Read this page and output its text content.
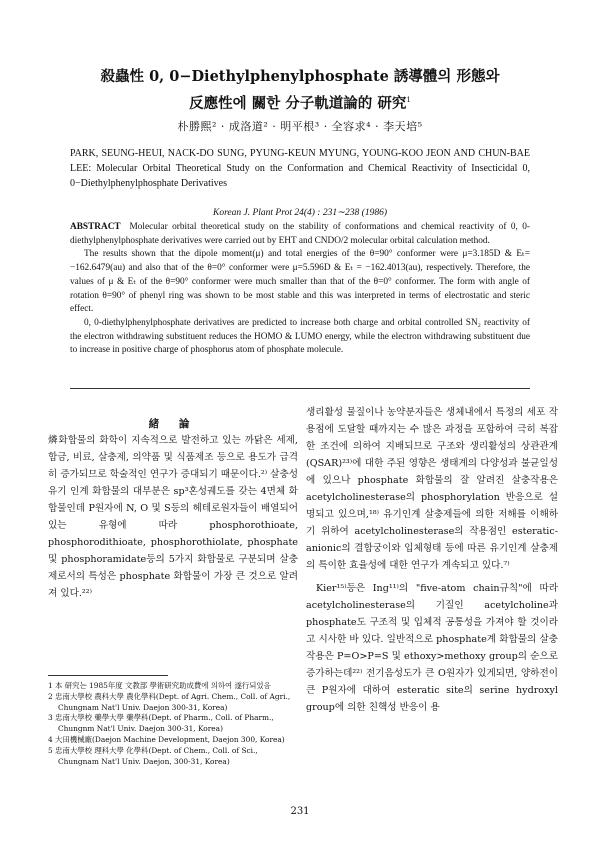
殺蟲性 0, 0−Diethylphenylphosphate 誘導體의 形態와
反應性에 關한 分子軌道論的 研究$^1$
朴勝熙² · 成洛道² · 明平根³ · 全容求⁴ · 李天培⁵
PARK, SEUNG-HEUI, NACK-DO SUNG, PYUNG-KEUN MYUNG, YOUNG-KOO JEON AND CHUN-BAE LEE: Molecular Orbital Theoretical Study on the Conformation and Chemical Reactivity of Insecticidal 0, 0−Diethylphenylphosphate Derivatives
Korean J. Plant Prot 24(4) : 231∼238 (1986)

ABSTRACT Molecular orbital theoretical study on the stability of conformations and chemical reactivity of 0, 0-diethylphenylphosphate derivatives were carried out by EHT and CNDO/2 molecular orbital calculation method.

The results shown that the dipole moment(μ) and total energies of the θ=90° conformer were μ=3.185D & Eₜ= −162.6479(au) and also that of the θ=0° conformer were μ=5.596D & Eₜ = −162.4013(au), respectively. Therefore, the values of μ & Eₜ of the θ=90° conformer were much smaller than that of the θ=0° conformer. The form with angle of rotation θ=90° of phenyl ring was shown to be most stable and this was interpreted in terms of electrostatic and steric effect.

0, 0-diethylphenylphosphate derivatives are predicted to increase both charge and orbital controlled SN₂ reactivity of the electron withdrawing substituent reduces the HOMO & LUMO energy, while the electron withdrawing substituent due to increase in positive charge of phosphorus atom of phosphate molecule.

緒 論

燐화합물의 화학이 지속적으로 발전하고 있는 까닭은 세제, 합금, 비료, 살충제, 의약품 및 식품제조 등으로 용도가 급격히 증가되므로 학술적인 연구가 증대되기 때문이다.²⁾ 살충성 유기 인계 화합물의 대부분은 sp³혼성궤도를 갖는 4면체 화합물인데 P원자에 N, O 및 S등의 헤테로원자들이 배열되어 있는 유형에 따라 phosphorothioate, phosphorodithioate, phosphorothiolate, phosphate 및 phosphoramidate등의 5가지 화합물로 구분되며 살충제로서의 특성은 phosphate 화합물이 가장 큰 것으로 알려져 있다.²²⁾

1 本 研究는 1985年度 文教部 學術研究助成費에 의하여 遂行되었음
2 忠南大學校 農科大學 農化學科(Dept. of Agri. Chem., Coll. of Agri., Chungnam Nat'l Univ. Daejon 300-31, Korea)
3 忠南大學校 藥學大學 藥學科(Dept. of Pharm., Coll. of Pharm., Chungnm Nat'l Univ. Daejon 300-31, Korea)
4 大田機械廠(Daejon Machine Development, Daejon 300, Korea)
5 忠南大學校 理科大學 化學科(Dept. of Chem., Coll. of Sci., Chungnam Nat'l Univ. Daejon, 300-31, Korea)

생리활성 물질이나 농약분자들은 생체내에서 특정의 세포 작용점에 도달할 때까지는 수 많은 과정을 포함하여 극히 복잡한 조건에 의하여 지배되므로 구조와 생리활성의 상관관계(QSAR)²³⁾에 대한 주된 영향은 생태계의 다양성과 불균일성에 있으나 phosphate 화합물의 잘 알려진 살충작용은 acetylcholinesterase의 phosphorylation 반응으로 설명되고 있으며,¹⁸⁾ 유기인계 살충제들에 의한 저해를 이해하기 위하여 acetylcholinesterase의 작용점인 esteratic-anionic의 결합궁이와 입체형태 등에 따른 유기인계 살충제의 특이한 효율성에 대한 연구가 계속되고 있다.⁷⁾

Kier¹⁵⁾등은 Ing¹¹⁾의 "five-atom chain규칙"에 따라 acetylcholinesterase의 기질인 acetylcholine과 phosphate도 구조적 및 입체적 공통성을 가져야 할 것이라고 시사한 바 있다. 일반적으로 phosphate계 화합물의 살충작용은 P=O>P=S 및 ethoxy>methoxy group의 순으로 증가하는데²²⁾ 전기음성도가 큰 O원자가 있게되면, 양하전이 큰 P원자에 대하여 esteratic site의 serine hydroxyl group에 의한 친핵성 반응이 용

231
